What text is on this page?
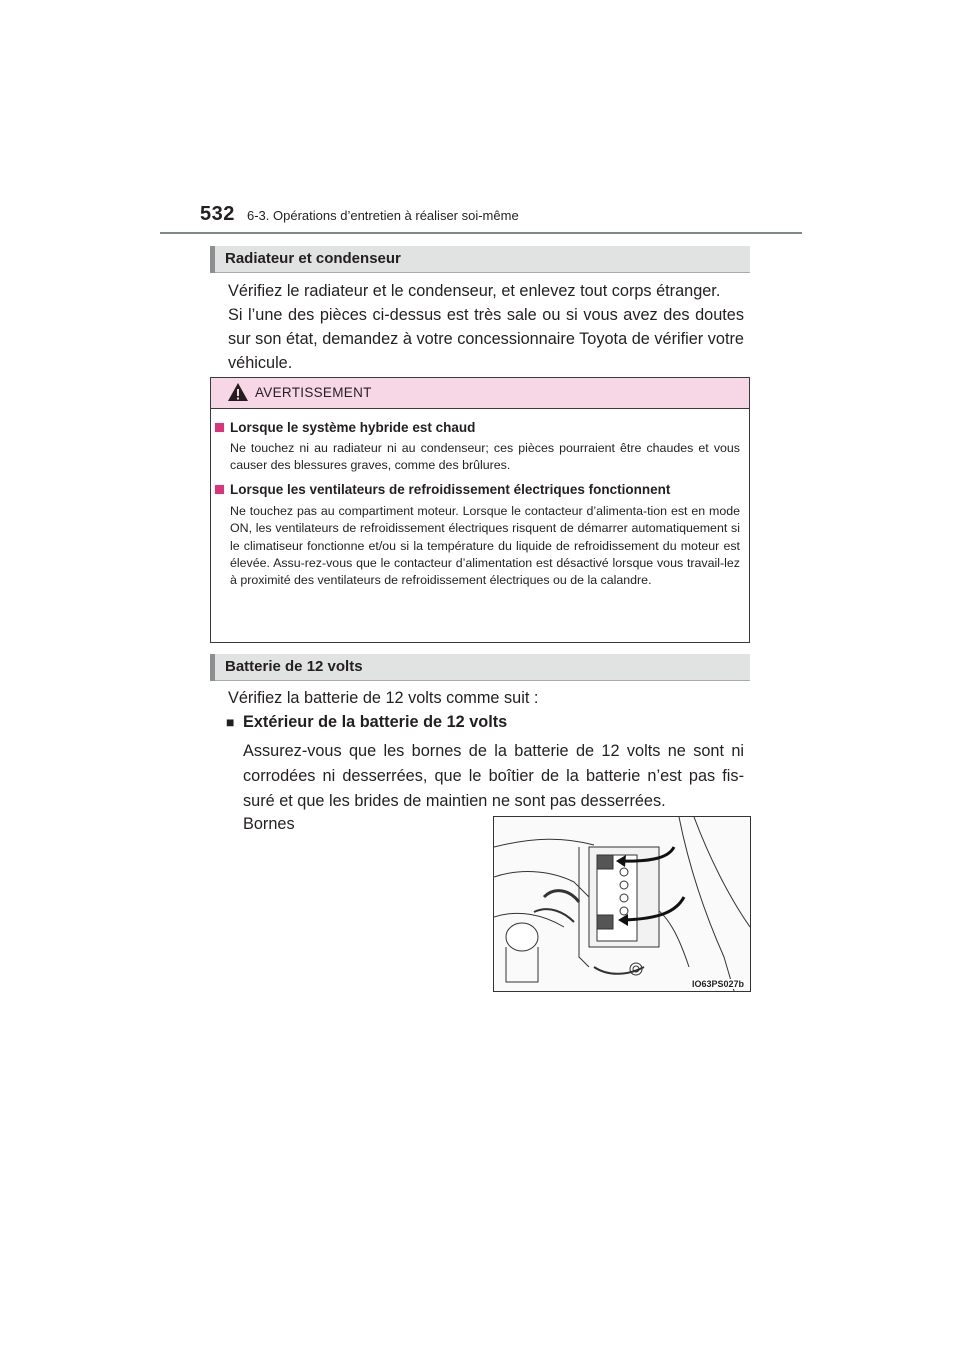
532 6-3. Opérations d’entretien à réaliser soi-même
Radiateur et condenseur

Vérifiez le radiateur et le condenseur, et enlevez tout corps étranger.

Si l’une des pièces ci-dessus est très sale ou si vous avez des doutes sur son état, demandez à votre concessionnaire Toyota de vérifier votre véhicule.

AVERTISSEMENT
Lorsque le système hybride est chaud
Ne touchez ni au radiateur ni au condenseur; ces pièces pourraient être chaudes et vous causer des blessures graves, comme des brûlures.
Lorsque les ventilateurs de refroidissement électriques fonctionnent
Ne touchez pas au compartiment moteur. Lorsque le contacteur d’alimenta-tion est en mode ON, les ventilateurs de refroidissement électriques risquent de démarrer automatiquement si le climatiseur fonctionne et/ou si la température du liquide de refroidissement du moteur est élevée. Assu-rez-vous que le contacteur d’alimentation est désactivé lorsque vous travail-lez à proximité des ventilateurs de refroidissement électriques ou de la calandre.
Batterie de 12 volts
Vérifiez la batterie de 12 volts comme suit :
■ Extérieur de la batterie de 12 volts
Assurez-vous que les bornes de la batterie de 12 volts ne sont ni corrodées ni desserrées, que le boîtier de la batterie n’est pas fis-suré et que les brides de maintien ne sont pas desserrées.
Bornes
IO63PS027b
